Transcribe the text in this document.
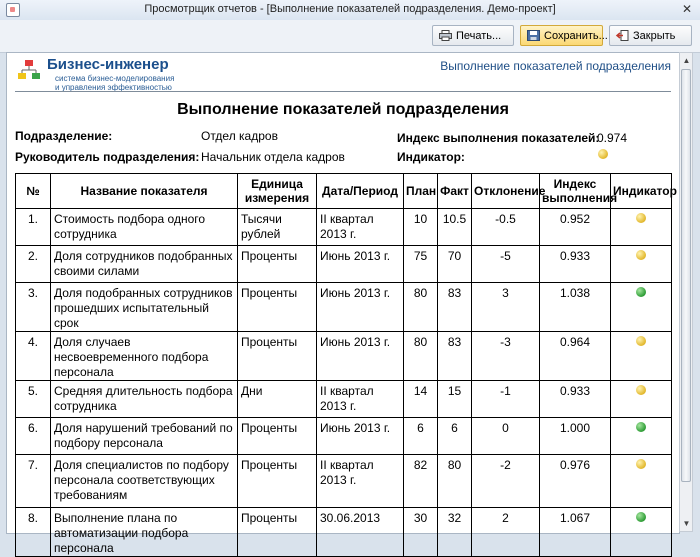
Просмотрщик отчетов - [Выполнение показателей подразделения. Демо-проект]	✕
Печать...	Сохранить...	Закрыть
Бизнес-инженер
система бизнес-моделирования
и управления эффективностью
Выполнение показателей подразделения
Выполнение показателей подразделения
Подразделение:	Отдел кадров
Руководитель подразделения: Начальник отдела кадров
Индекс выполнения показателей:
0.974
Индикатор:
№	Название показателя	Единица измерения	Дата/Период	План	Факт	Отклонение	Индекс выполнения	Индикатор
1.	Стоимость подбора одного сотрудника	Тысячи рублей	II квартал 2013 г.	10	10.5	-0.5	0.952	
2.	Доля сотрудников подобранных своими силами	Проценты	Июнь 2013 г.	75	70	-5	0.933	
3.	Доля подобранных сотрудников прошедших испытательный срок	Проценты	Июнь 2013 г.	80	83	3	1.038	
4.	Доля случаев несвоевременного подбора персонала	Проценты	Июнь 2013 г.	80	83	-3	0.964	
5.	Средняя длительность подбора сотрудника	Дни	II квартал 2013 г.	14	15	-1	0.933	
6.	Доля нарушений требований по подбору персонала	Проценты	Июнь 2013 г.	6	6	0	1.000	
7.	Доля специалистов по подбору персонала соответствующих требованиям	Проценты	II квартал 2013 г.	82	80	-2	0.976	
8.	Выполнение плана по автоматизации подбора персонала	Проценты	30.06.2013	30	32	2	1.067	
▲
▼
